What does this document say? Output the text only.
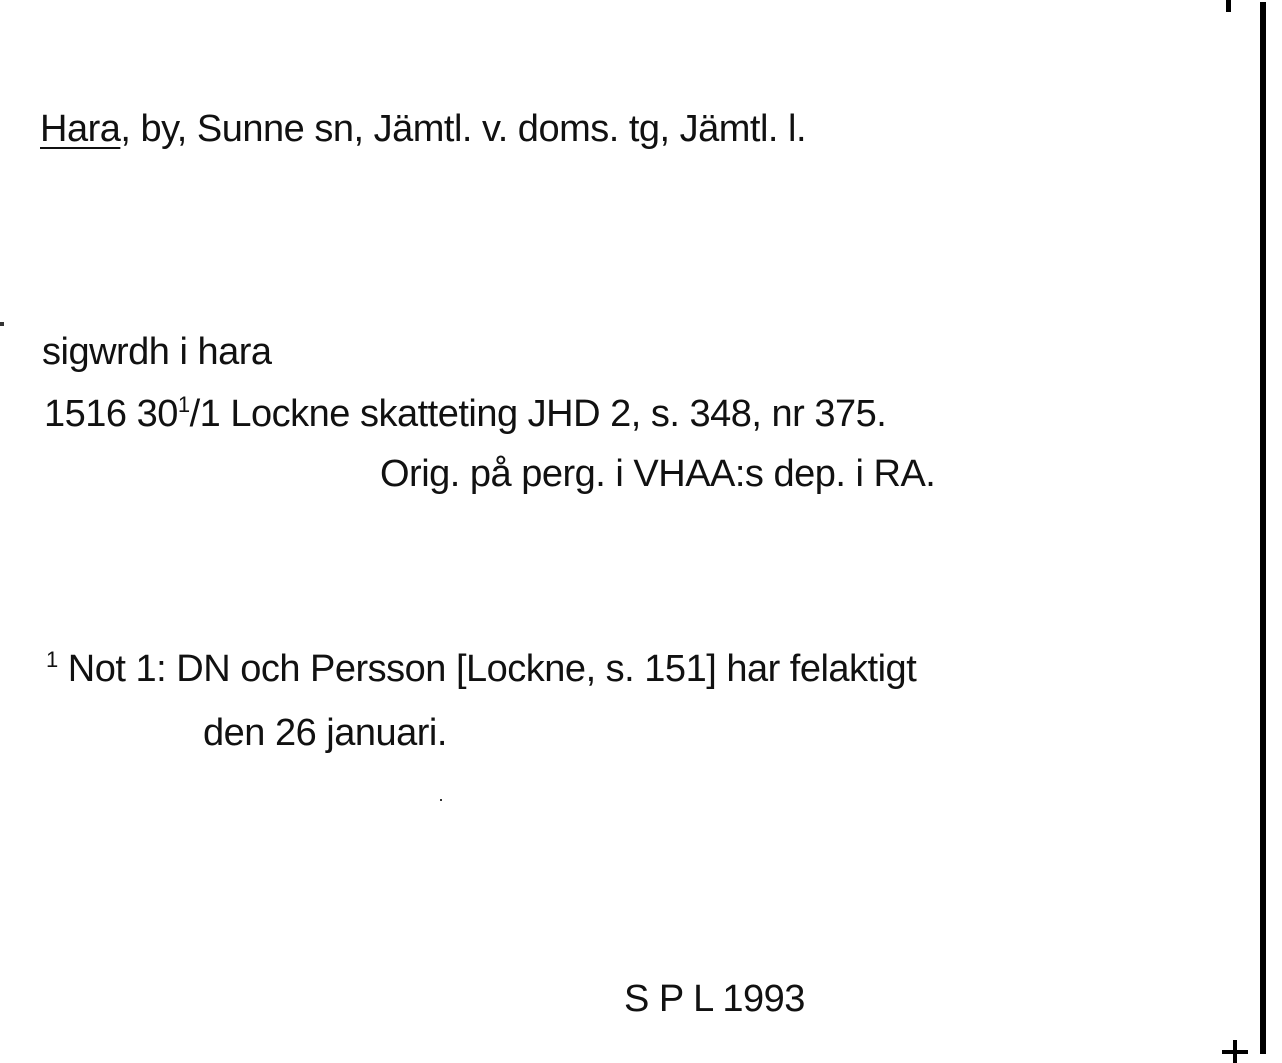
Hara, by, Sunne sn, Jämtl. v. doms. tg, Jämtl. l.
sigwrdh i hara
1516 30$^1$/1 Lockne skatteting JHD 2, s. 348, nr 375.
Orig. på perg. i VHAA:s dep. i RA.
$^1$ Not 1: DN och Persson [Lockne, s. 151] har felaktigt
den 26 januari.
S P L 1993
